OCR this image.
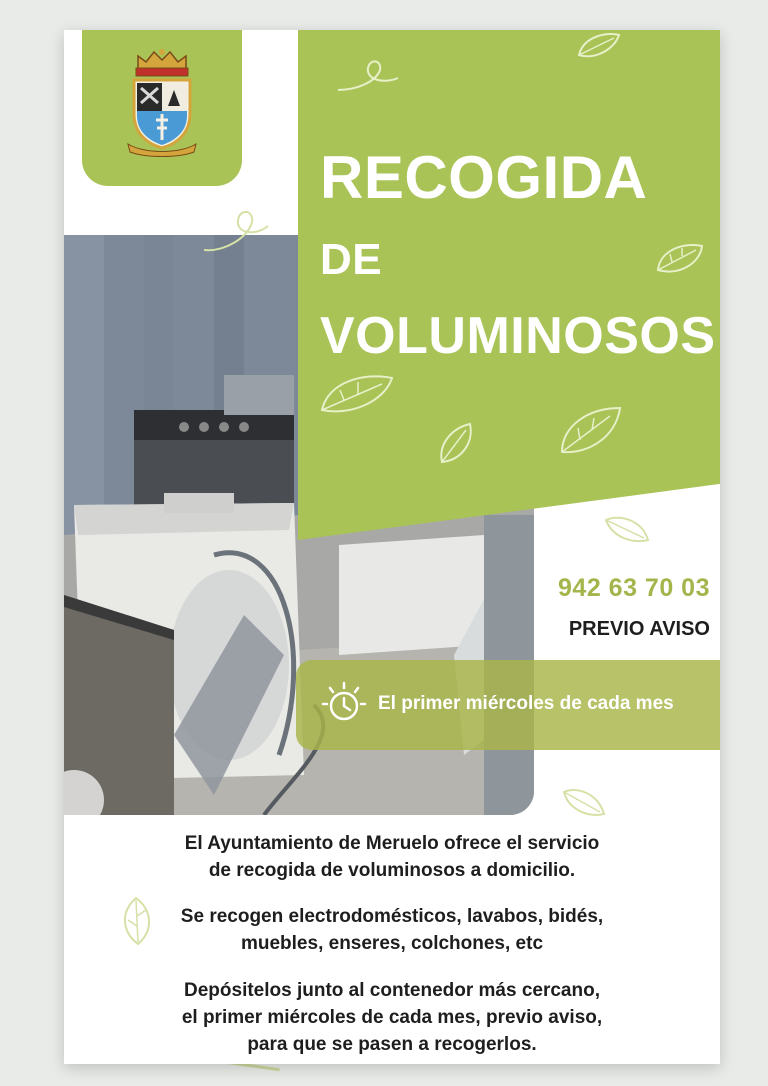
RECOGIDA
DE
VOLUMINOSOS
942 63 70 03
PREVIO AVISO
El primer miércoles de cada mes
El Ayuntamiento de Meruelo ofrece el servicio
de recogida de voluminosos a domicilio.
Se recogen electrodomésticos, lavabos, bidés,
muebles, enseres, colchones, etc
Depósitelos junto al contenedor más cercano,
el primer miércoles de cada mes, previo aviso,
para que se pasen a recogerlos.
